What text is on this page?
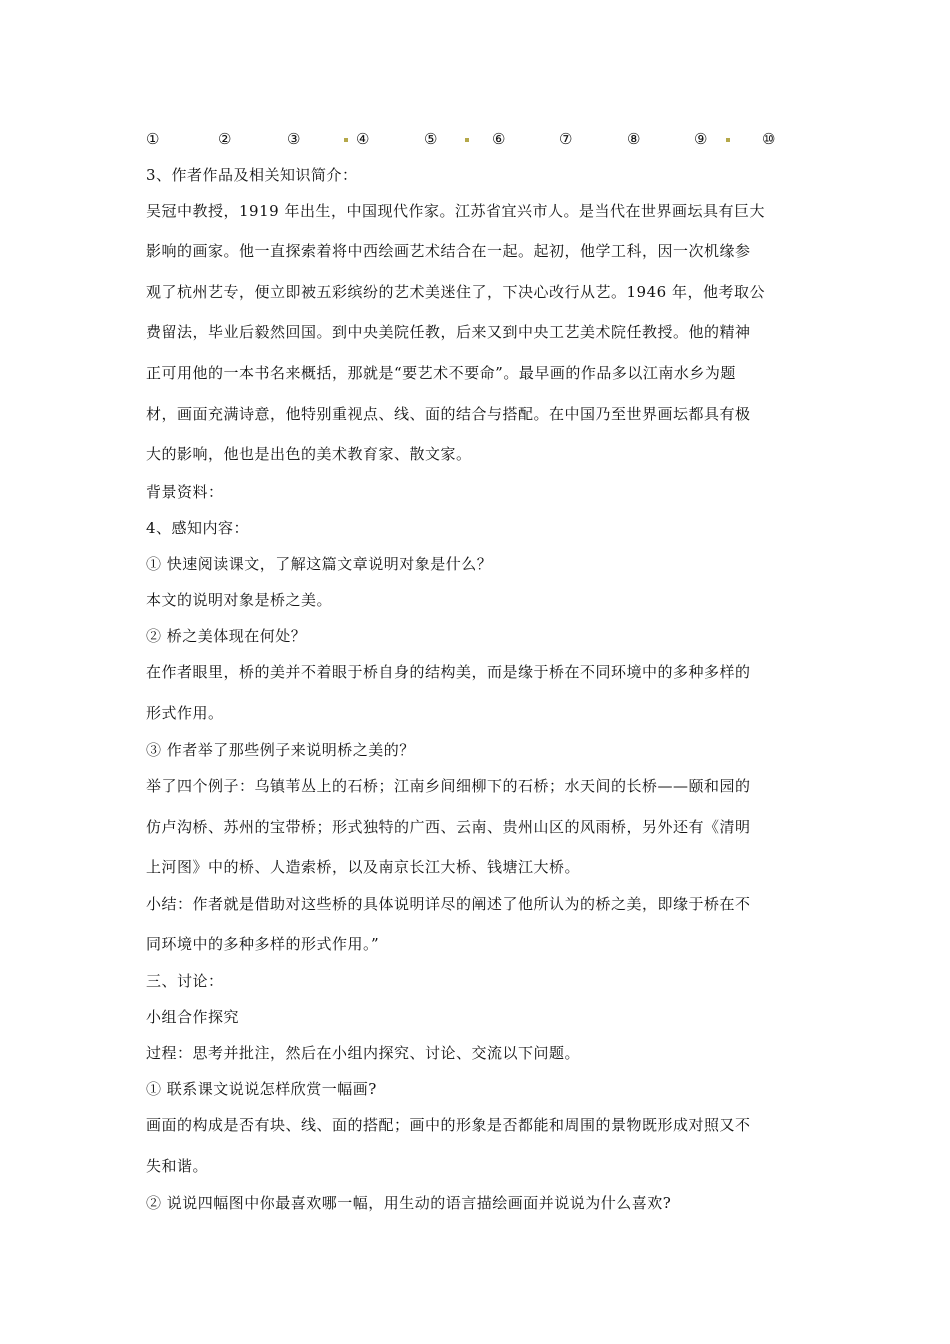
①	②	③	④	⑤	⑥	⑦	⑧	⑨	⑩
3、作者作品及相关知识简介：
吴冠中教授，1919 年出生，中国现代作家。江苏省宜兴市人。是当代在世界画坛具有巨大
影响的画家。他一直探索着将中西绘画艺术结合在一起。起初，他学工科，因一次机缘参
观了杭州艺专，便立即被五彩缤纷的艺术美迷住了，下决心改行从艺。1946 年，他考取公
费留法，毕业后毅然回国。到中央美院任教，后来又到中央工艺美术院任教授。他的精神
正可用他的一本书名来概括，那就是“要艺术不要命”。最早画的作品多以江南水乡为题
材，画面充满诗意，他特别重视点、线、面的结合与搭配。在中国乃至世界画坛都具有极
大的影响，他也是出色的美术教育家、散文家。
背景资料：
4、感知内容：
① 快速阅读课文，了解这篇文章说明对象是什么？
本文的说明对象是桥之美。
② 桥之美体现在何处？
在作者眼里，桥的美并不着眼于桥自身的结构美，而是缘于桥在不同环境中的多种多样的
形式作用。
③ 作者举了那些例子来说明桥之美的？
举了四个例子：乌镇苇丛上的石桥；江南乡间细柳下的石桥；水天间的长桥——颐和园的
仿卢沟桥、苏州的宝带桥；形式独特的广西、云南、贵州山区的风雨桥，另外还有《清明
上河图》中的桥、人造索桥，以及南京长江大桥、钱塘江大桥。
小结：作者就是借助对这些桥的具体说明详尽的阐述了他所认为的桥之美，即缘于桥在不
同环境中的多种多样的形式作用。”
三、讨论：
小组合作探究
过程：思考并批注，然后在小组内探究、讨论、交流以下问题。
① 联系课文说说怎样欣赏一幅画?
画面的构成是否有块、线、面的搭配；画中的形象是否都能和周围的景物既形成对照又不
失和谐。
② 说说四幅图中你最喜欢哪一幅，用生动的语言描绘画面并说说为什么喜欢?
